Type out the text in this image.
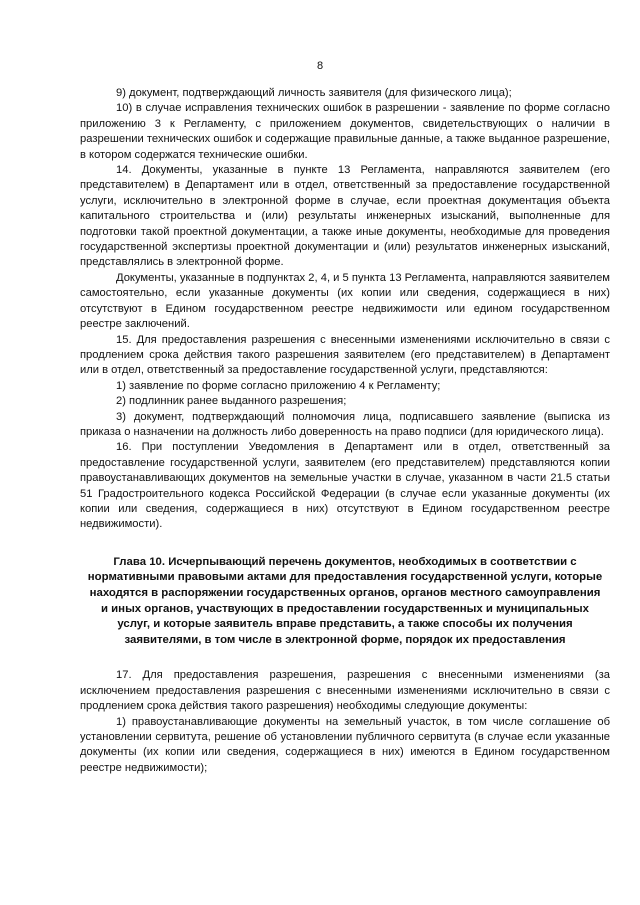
8

9) документ, подтверждающий личность заявителя (для физического лица);

10) в случае исправления технических ошибок в разрешении - заявление по форме согласно приложению 3 к Регламенту, с приложением документов, свидетельствующих о наличии в разрешении технических ошибок и содержащие правильные данные, а также выданное разрешение, в котором содержатся технические ошибки.

14. Документы, указанные в пункте 13 Регламента, направляются заявителем (его представителем) в Департамент или в отдел, ответственный за предоставление государственной услуги, исключительно в электронной форме в случае, если проектная документация объекта капитального строительства и (или) результаты инженерных изысканий, выполненные для подготовки такой проектной документации, а также иные документы, необходимые для проведения государственной экспертизы проектной документации и (или) результатов инженерных изысканий, представлялись в электронной форме.

Документы, указанные в подпунктах 2, 4, и 5 пункта 13 Регламента, направляются заявителем самостоятельно, если указанные документы (их копии или сведения, содержащиеся в них) отсутствуют в Едином государственном реестре недвижимости или едином государственном реестре заключений.

15. Для предоставления разрешения с внесенными изменениями исключительно в связи с продлением срока действия такого разрешения заявителем (его представителем) в Департамент или в отдел, ответственный за предоставление государственной услуги, представляются:

1) заявление по форме согласно приложению 4 к Регламенту;

2) подлинник ранее выданного разрешения;

3) документ, подтверждающий полномочия лица, подписавшего заявление (выписка из приказа о назначении на должность либо доверенность на право подписи (для юридического лица).

16. При поступлении Уведомления в Департамент или в отдел, ответственный за предоставление государственной услуги, заявителем (его представителем) представляются копии правоустанавливающих документов на земельные участки в случае, указанном в части 21.5 статьи 51 Градостроительного кодекса Российской Федерации (в случае если указанные документы (их копии или сведения, содержащиеся в них) отсутствуют в Едином государственном реестре недвижимости).

Глава 10. Исчерпывающий перечень документов, необходимых в соответствии с нормативными правовыми актами для предоставления государственной услуги, которые находятся в распоряжении государственных органов, органов местного самоуправления и иных органов, участвующих в предоставлении государственных и муниципальных услуг, и которые заявитель вправе представить, а также способы их получения заявителями, в том числе в электронной форме, порядок их предоставления

17. Для предоставления разрешения, разрешения с внесенными изменениями (за исключением предоставления разрешения с внесенными изменениями исключительно в связи с продлением срока действия такого разрешения) необходимы следующие документы:

1) правоустанавливающие документы на земельный участок, в том числе соглашение об установлении сервитута, решение об установлении публичного сервитута (в случае если указанные документы (их копии или сведения, содержащиеся в них) имеются в Едином государственном реестре недвижимости);
